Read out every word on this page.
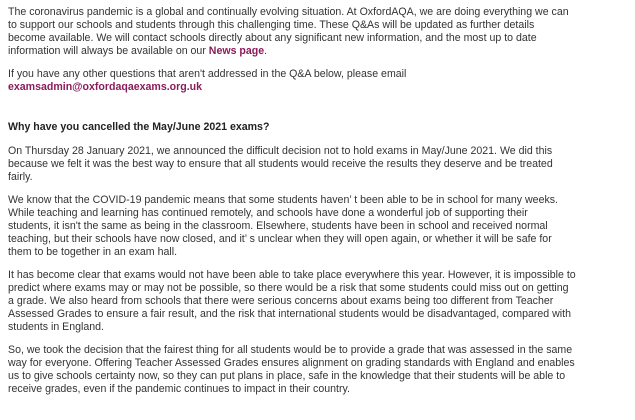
The coronavirus pandemic is a global and continually evolving situation. At OxfordAQA, we are doing everything we can
to support our schools and students through this challenging time. These Q&As will be updated as further details
become available. We will contact schools directly about any significant new information, and the most up to date
information will always be available on our News page.

If you have any other questions that aren't addressed in the Q&A below, please email
examsadmin@oxfordaqaexams.org.uk

Why have you cancelled the May/June 2021 exams?

On Thursday 28 January 2021, we announced the difficult decision not to hold exams in May/June 2021. We did this
because we felt it was the best way to ensure that all students would receive the results they deserve and be treated
fairly.

We know that the COVID-19 pandemic means that some students haven’ t been able to be in school for many weeks.
While teaching and learning has continued remotely, and schools have done a wonderful job of supporting their
students, it isn't the same as being in the classroom. Elsewhere, students have been in school and received normal
teaching, but their schools have now closed, and it’ s unclear when they will open again, or whether it will be safe for
them to be together in an exam hall.

It has become clear that exams would not have been able to take place everywhere this year. However, it is impossible to
predict where exams may or may not be possible, so there would be a risk that some students could miss out on getting
a grade. We also heard from schools that there were serious concerns about exams being too different from Teacher
Assessed Grades to ensure a fair result, and the risk that international students would be disadvantaged, compared with
students in England.

So, we took the decision that the fairest thing for all students would be to provide a grade that was assessed in the same
way for everyone. Offering Teacher Assessed Grades ensures alignment on grading standards with England and enables
us to give schools certainty now, so they can put plans in place, safe in the knowledge that their students will be able to
receive grades, even if the pandemic continues to impact in their country.
